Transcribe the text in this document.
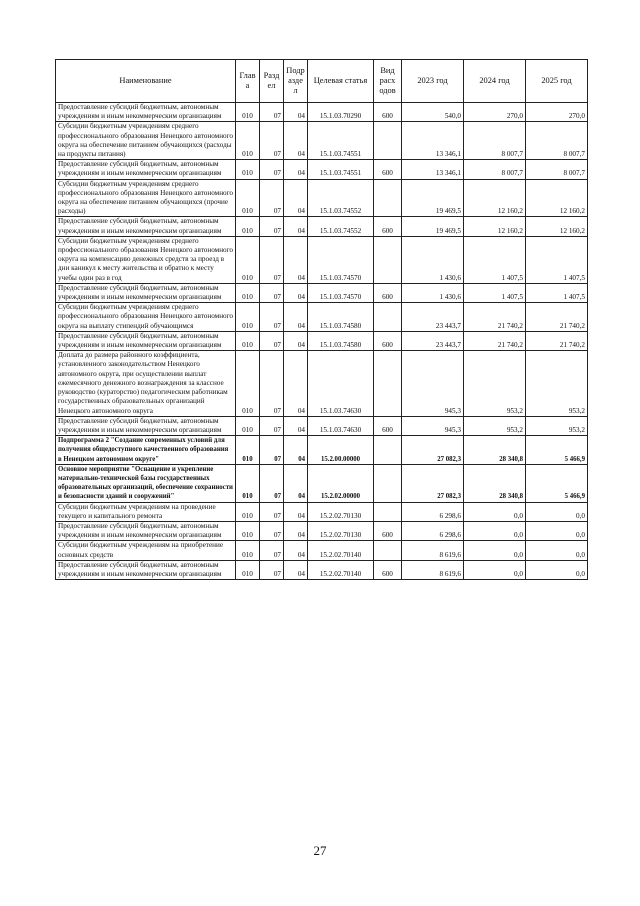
Наименование	Глав а	Разд ел	Подр азде л	Целевая статья	Вид расх одов	2023 год	2024 год	2025 год
Предоставление субсидий бюджетным, автономным учреждениям и иным некоммерческим организациям	010	07	04	15.1.03.70290	600	540,0	270,0	270,0
Субсидии бюджетным учреждениям среднего профессионального образования Ненецкого автономного округа на обеспечение питанием обучающихся (расходы на продукты питания)	010	07	04	15.1.03.74551		13 346,1	8 007,7	8 007,7
Предоставление субсидий бюджетным, автономным учреждениям и иным некоммерческим организациям	010	07	04	15.1.03.74551	600	13 346,1	8 007,7	8 007,7
Субсидии бюджетным учреждениям среднего профессионального образования Ненецкого автономного округа на обеспечение питанием обучающихся (прочие расходы)	010	07	04	15.1.03.74552		19 469,5	12 160,2	12 160,2
Предоставление субсидий бюджетным, автономным учреждениям и иным некоммерческим организациям	010	07	04	15.1.03.74552	600	19 469,5	12 160,2	12 160,2
Субсидии бюджетным учреждениям среднего профессионального образования Ненецкого автономного округа на компенсацию денежных средств за проезд в дни каникул к месту жительства и обратно к месту учебы один раз в год	010	07	04	15.1.03.74570		1 430,6	1 407,5	1 407,5
Предоставление субсидий бюджетным, автономным учреждениям и иным некоммерческим организациям	010	07	04	15.1.03.74570	600	1 430,6	1 407,5	1 407,5
Субсидии бюджетным учреждениям среднего профессионального образования Ненецкого автономного округа на выплату стипендий обучающимся	010	07	04	15.1.03.74580		23 443,7	21 740,2	21 740,2
Предоставление субсидий бюджетным, автономным учреждениям и иным некоммерческим организациям	010	07	04	15.1.03.74580	600	23 443,7	21 740,2	21 740,2
Доплата до размера районного коэффициента, установленного законодательством Ненецкого автономного округа, при осуществлении выплат ежемесячного денежного вознаграждения за классное руководство (кураторство) педагогическим работникам государственных образовательных организаций Ненецкого автономного округа	010	07	04	15.1.03.74630		945,3	953,2	953,2
Предоставление субсидий бюджетным, автономным учреждениям и иным некоммерческим организациям	010	07	04	15.1.03.74630	600	945,3	953,2	953,2
Подпрограмма 2 "Создание современных условий для получения общедоступного качественного образования в Ненецком автономном округе"	010	07	04	15.2.00.00000		27 082,3	28 340,8	5 466,9
Основное мероприятие "Оснащение и укрепление материально-технической базы государственных образовательных организаций, обеспечение сохранности и безопасности зданий и сооружений"	010	07	04	15.2.02.00000		27 082,3	28 340,8	5 466,9
Субсидии бюджетным учреждениям на проведение текущего и капитального ремонта	010	07	04	15.2.02.70130		6 298,6	0,0	0,0
Предоставление субсидий бюджетным, автономным учреждениям и иным некоммерческим организациям	010	07	04	15.2.02.70130	600	6 298,6	0,0	0,0
Субсидии бюджетным учреждениям на приобретение основных средств	010	07	04	15.2.02.70140		8 619,6	0,0	0,0
Предоставление субсидий бюджетным, автономным учреждениям и иным некоммерческим организациям	010	07	04	15.2.02.70140	600	8 619,6	0,0	0,0
27
